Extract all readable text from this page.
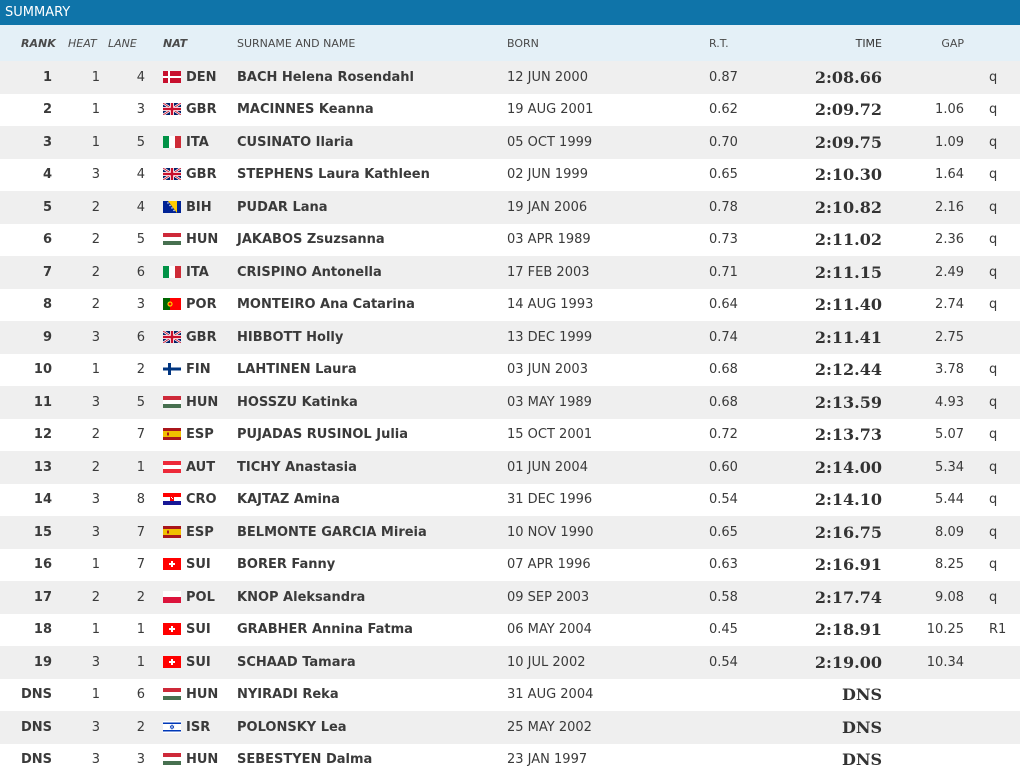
SUMMARY
RANK	HEAT	LANE	NAT	SURNAME AND NAME	BORN	R.T.	TIME	GAP	
1	1	4	DEN	BACH Helena Rosendahl	12 JUN 2000	0.87	2:08.66		q
2	1	3	GBR	MACINNES Keanna	19 AUG 2001	0.62	2:09.72	1.06	q
3	1	5	ITA	CUSINATO Ilaria	05 OCT 1999	0.70	2:09.75	1.09	q
4	3	4	GBR	STEPHENS Laura Kathleen	02 JUN 1999	0.65	2:10.30	1.64	q
5	2	4	BIH	PUDAR Lana	19 JAN 2006	0.78	2:10.82	2.16	q
6	2	5	HUN	JAKABOS Zsuzsanna	03 APR 1989	0.73	2:11.02	2.36	q
7	2	6	ITA	CRISPINO Antonella	17 FEB 2003	0.71	2:11.15	2.49	q
8	2	3	POR	MONTEIRO Ana Catarina	14 AUG 1993	0.64	2:11.40	2.74	q
9	3	6	GBR	HIBBOTT Holly	13 DEC 1999	0.74	2:11.41	2.75	
10	1	2	FIN	LAHTINEN Laura	03 JUN 2003	0.68	2:12.44	3.78	q
11	3	5	HUN	HOSSZU Katinka	03 MAY 1989	0.68	2:13.59	4.93	q
12	2	7	ESP	PUJADAS RUSINOL Julia	15 OCT 2001	0.72	2:13.73	5.07	q
13	2	1	AUT	TICHY Anastasia	01 JUN 2004	0.60	2:14.00	5.34	q
14	3	8	CRO	KAJTAZ Amina	31 DEC 1996	0.54	2:14.10	5.44	q
15	3	7	ESP	BELMONTE GARCIA Mireia	10 NOV 1990	0.65	2:16.75	8.09	q
16	1	7	SUI	BORER Fanny	07 APR 1996	0.63	2:16.91	8.25	q
17	2	2	POL	KNOP Aleksandra	09 SEP 2003	0.58	2:17.74	9.08	q
18	1	1	SUI	GRABHER Annina Fatma	06 MAY 2004	0.45	2:18.91	10.25	R1
19	3	1	SUI	SCHAAD Tamara	10 JUL 2002	0.54	2:19.00	10.34	
DNS	1	6	HUN	NYIRADI Reka	31 AUG 2004		DNS		
DNS	3	2	ISR	POLONSKY Lea	25 MAY 2002		DNS		
DNS	3	3	HUN	SEBESTYEN Dalma	23 JAN 1997		DNS		
